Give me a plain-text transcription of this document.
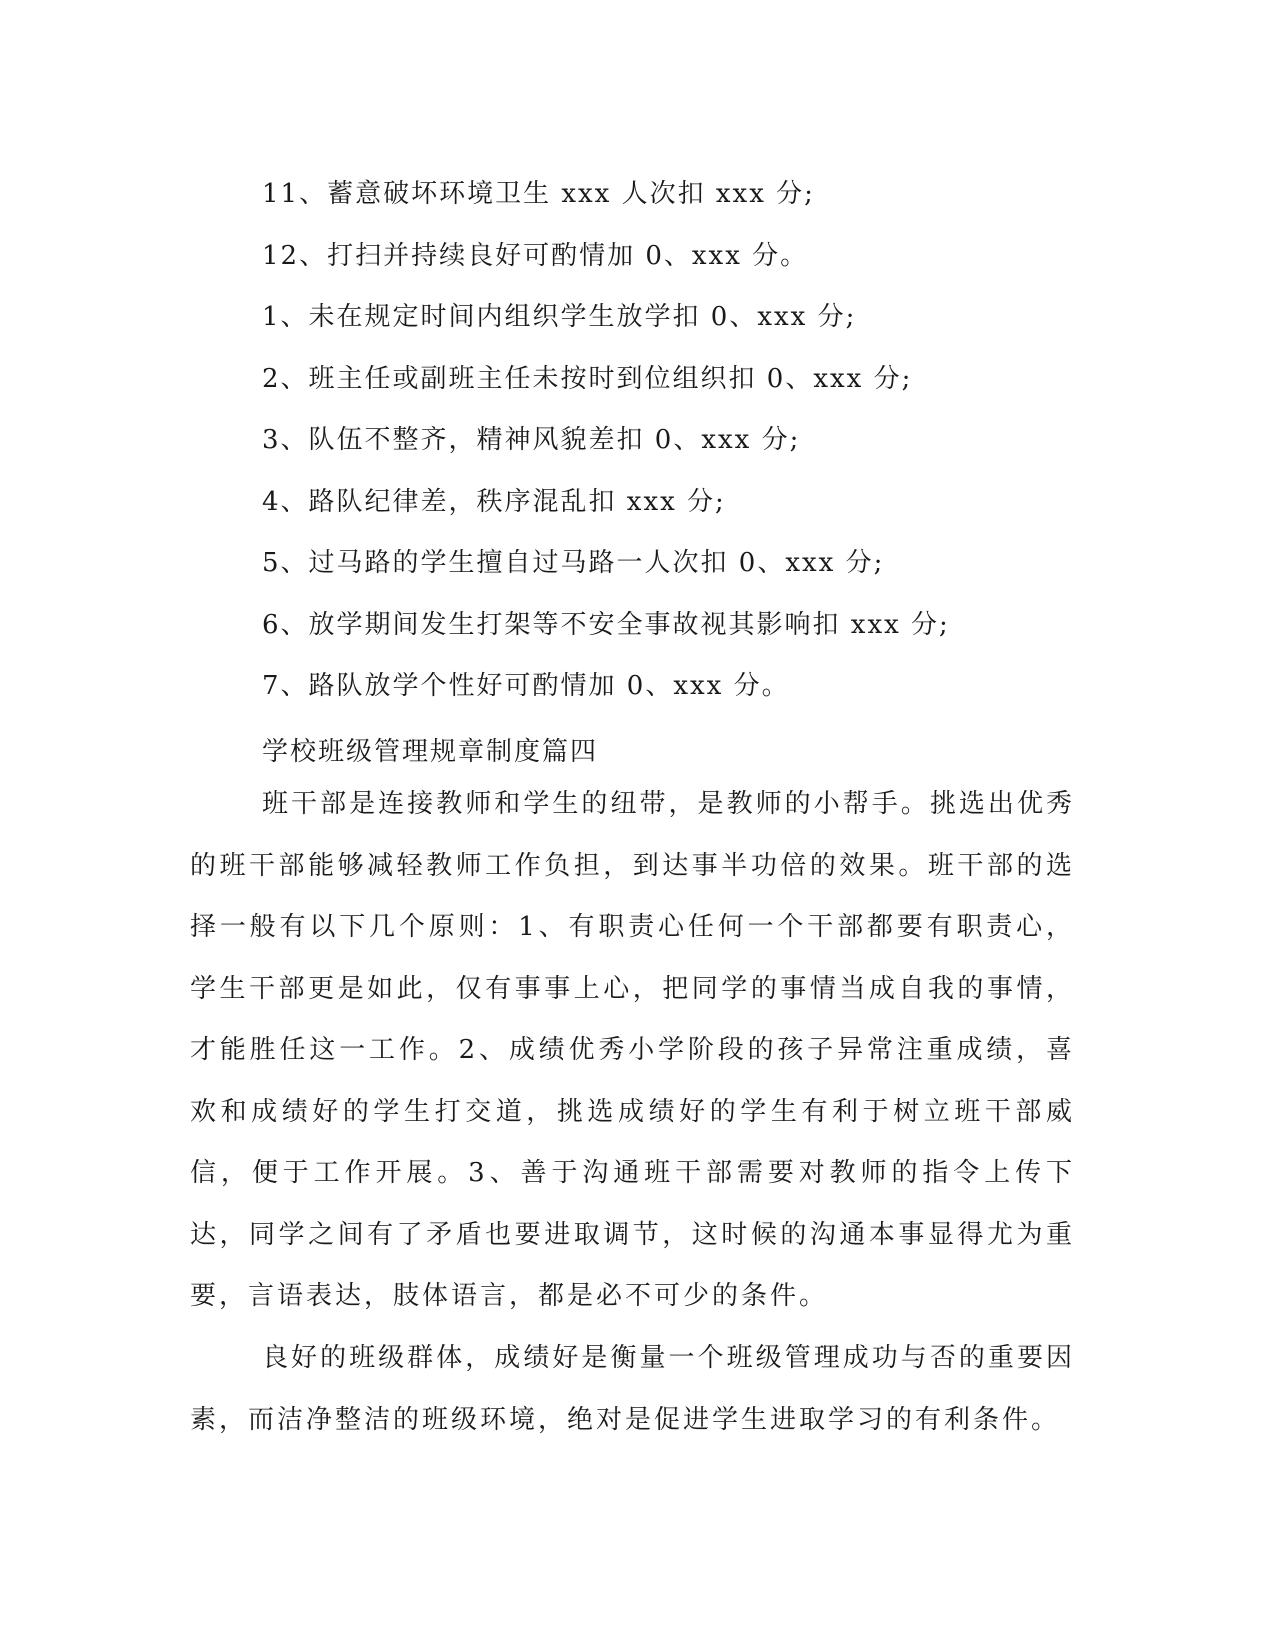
11、蓄意破坏环境卫生 xxx 人次扣 xxx 分;
12、打扫并持续良好可酌情加 0、xxx 分。
1、未在规定时间内组织学生放学扣 0、xxx 分;
2、班主任或副班主任未按时到位组织扣 0、xxx 分;
3、队伍不整齐，精神风貌差扣 0、xxx 分;
4、路队纪律差，秩序混乱扣 xxx 分;
5、过马路的学生擅自过马路一人次扣 0、xxx 分;
6、放学期间发生打架等不安全事故视其影响扣 xxx 分;
7、路队放学个性好可酌情加 0、xxx 分。
学校班级管理规章制度篇四

班干部是连接教师和学生的纽带，是教师的小帮手。挑选出优秀的班干部能够减轻教师工作负担，到达事半功倍的效果。班干部的选择一般有以下几个原则：1、有职责心任何一个干部都要有职责心，学生干部更是如此，仅有事事上心，把同学的事情当成自我的事情，才能胜任这一工作。2、成绩优秀小学阶段的孩子异常注重成绩，喜欢和成绩好的学生打交道，挑选成绩好的学生有利于树立班干部威信，便于工作开展。3、善于沟通班干部需要对教师的指令上传下达，同学之间有了矛盾也要进取调节，这时候的沟通本事显得尤为重要，言语表达，肢体语言，都是必不可少的条件。

良好的班级群体，成绩好是衡量一个班级管理成功与否的重要因素，而洁净整洁的班级环境，绝对是促进学生进取学习的有利条件。
